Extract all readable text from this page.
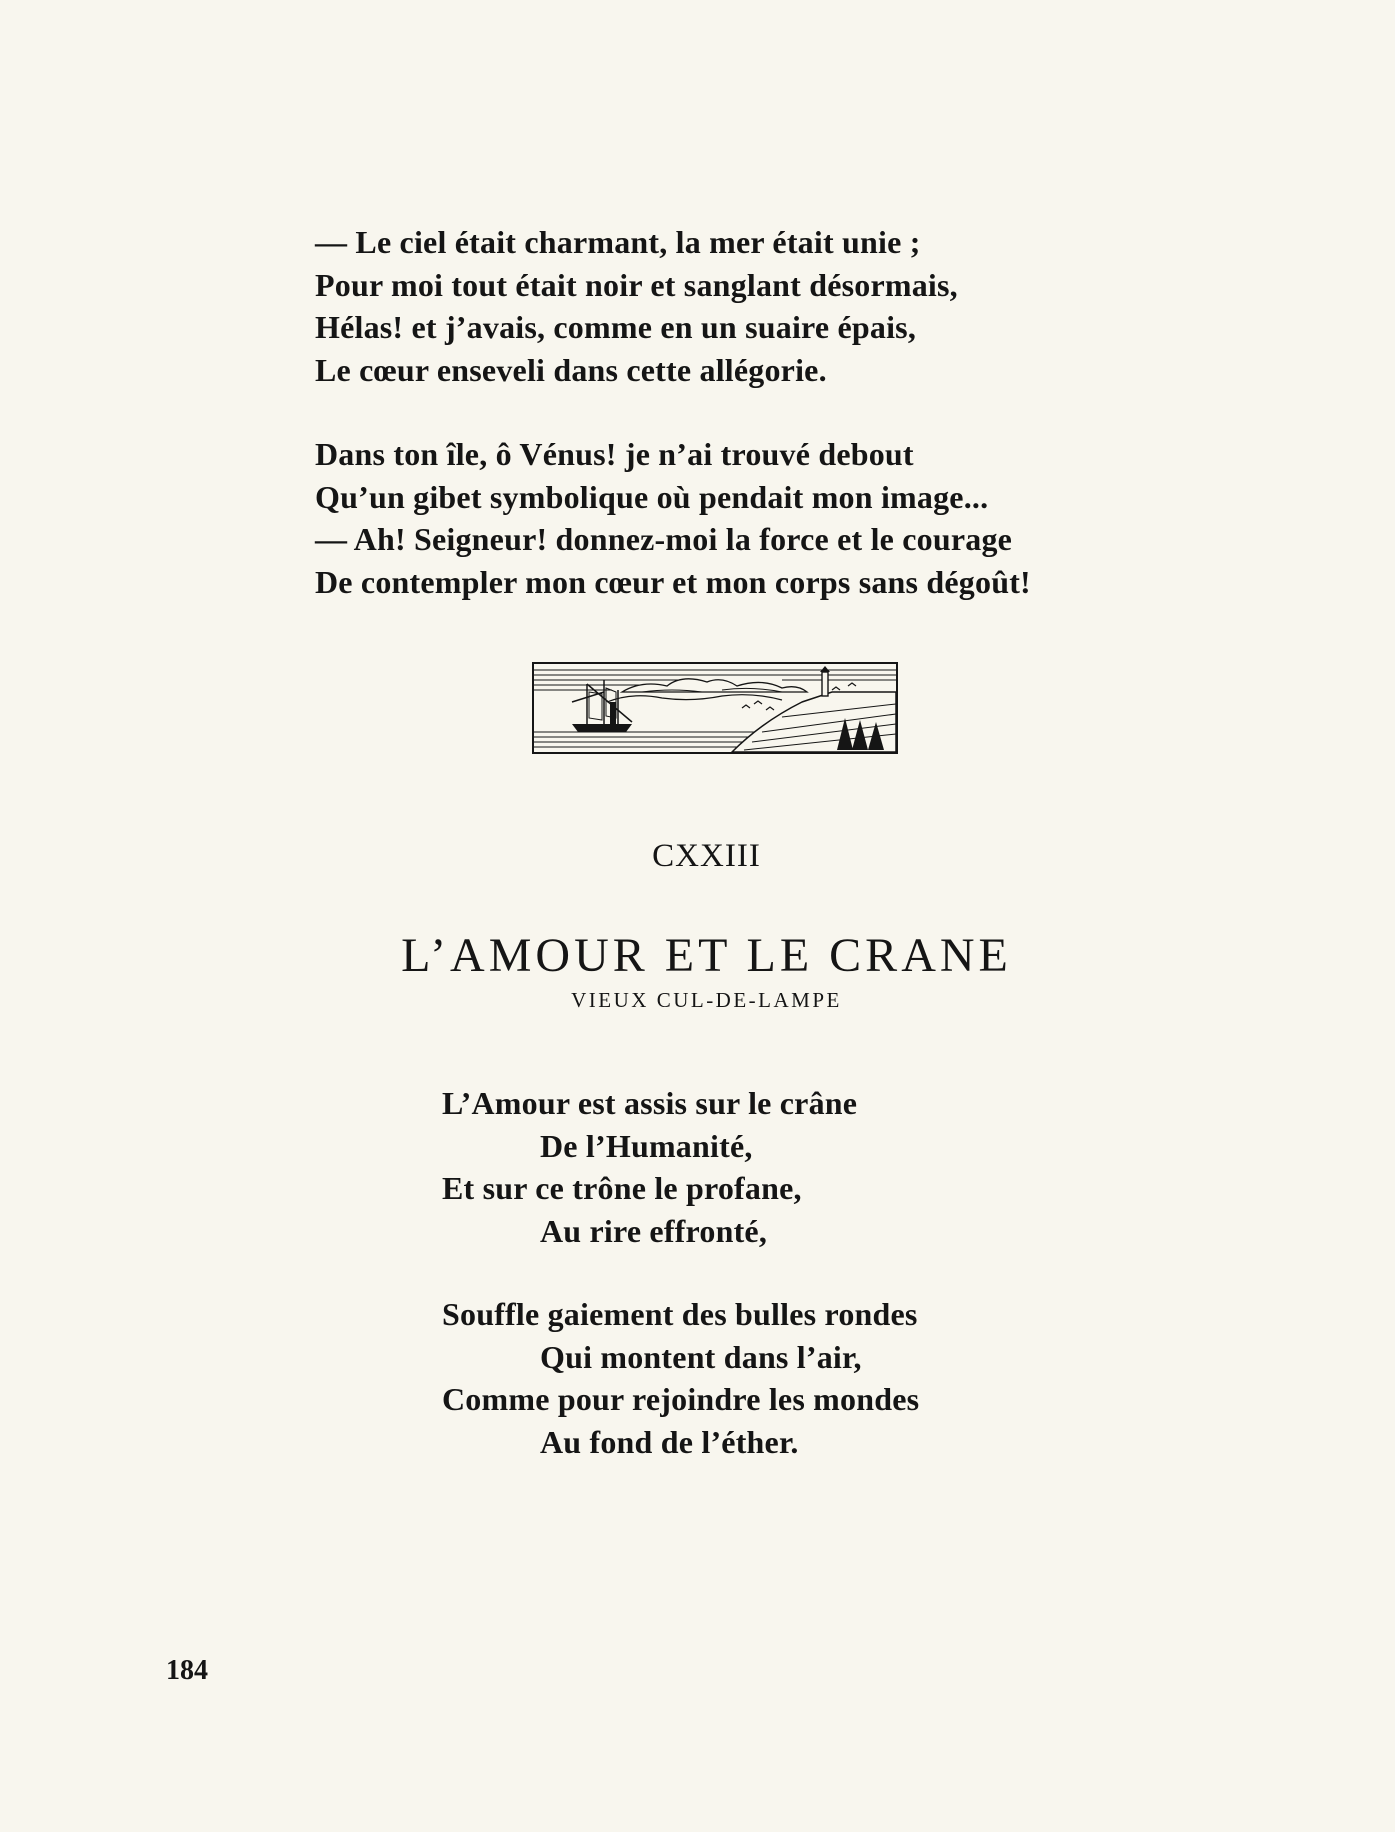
— Le ciel était charmant, la mer était unie ;
Pour moi tout était noir et sanglant désormais,
Hélas! et j’avais, comme en un suaire épais,
Le cœur enseveli dans cette allégorie.

Dans ton île, ô Vénus! je n’ai trouvé debout
Qu’un gibet symbolique où pendait mon image...
— Ah! Seigneur! donnez-moi la force et le courage
De contempler mon cœur et mon corps sans dégoût!

CXXIII
L’AMOUR ET LE CRANE
VIEUX CUL-DE-LAMPE

L’Amour est assis sur le crâne
De l’Humanité,
Et sur ce trône le profane,
Au rire effronté,

Souffle gaiement des bulles rondes
Qui montent dans l’air,
Comme pour rejoindre les mondes
Au fond de l’éther.

184
